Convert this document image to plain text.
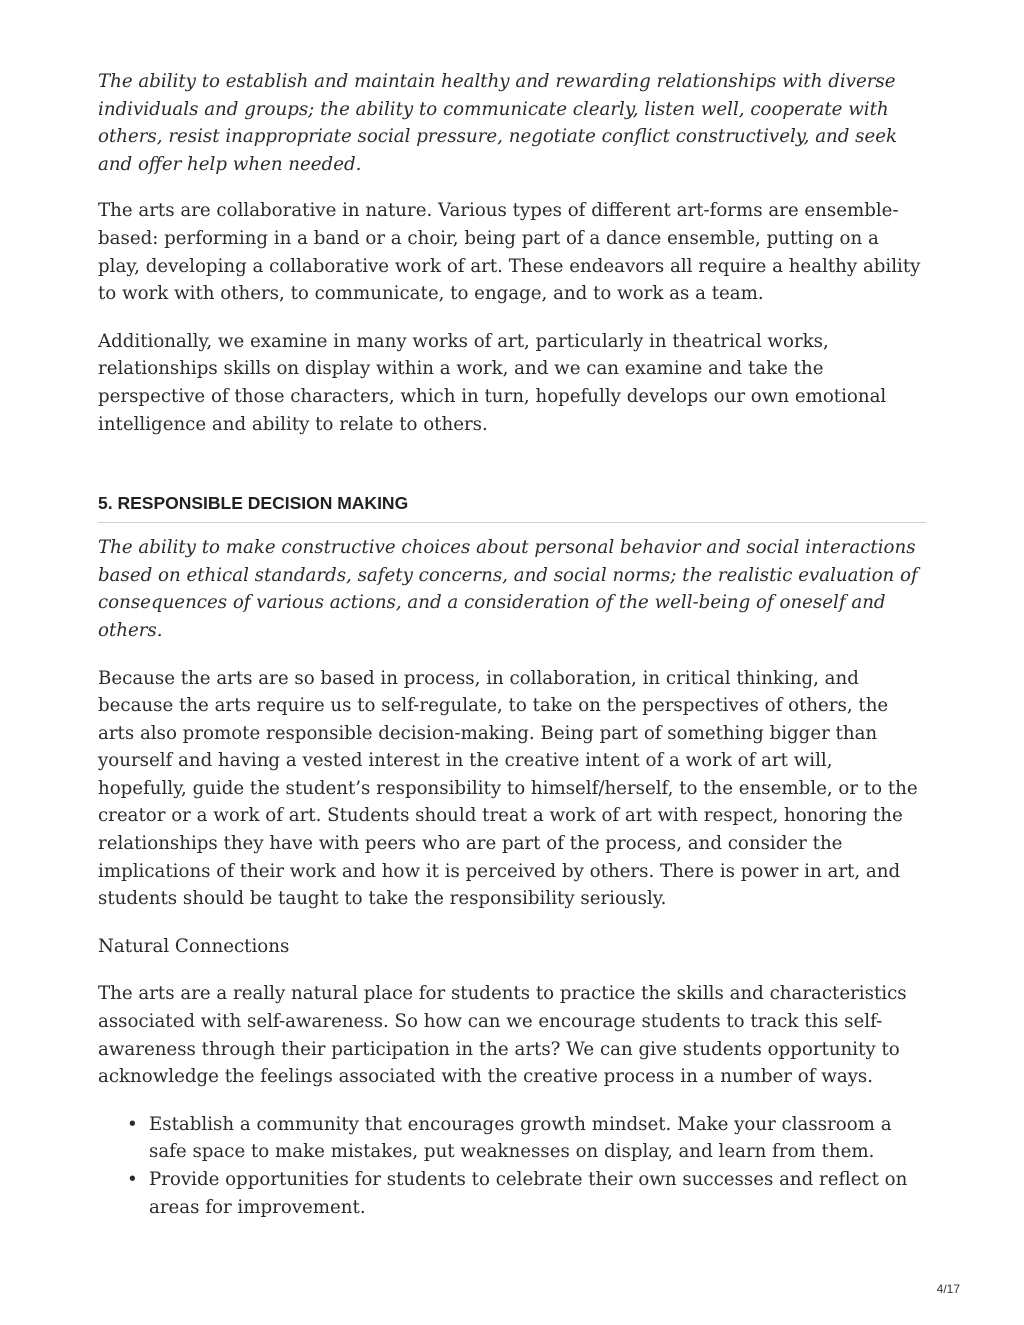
The ability to establish and maintain healthy and rewarding relationships with diverse individuals and groups; the ability to communicate clearly, listen well, cooperate with others, resist inappropriate social pressure, negotiate conflict constructively, and seek and offer help when needed.

The arts are collaborative in nature. Various types of different art-forms are ensemble- based: performing in a band or a choir, being part of a dance ensemble, putting on a play, developing a collaborative work of art. These endeavors all require a healthy ability to work with others, to communicate, to engage, and to work as a team.

Additionally, we examine in many works of art, particularly in theatrical works, relationships skills on display within a work, and we can examine and take the perspective of those characters, which in turn, hopefully develops our own emotional intelligence and ability to relate to others.

5. RESPONSIBLE DECISION MAKING

The ability to make constructive choices about personal behavior and social interactions based on ethical standards, safety concerns, and social norms; the realistic evaluation of consequences of various actions, and a consideration of the well-being of oneself and others.

Because the arts are so based in process, in collaboration, in critical thinking, and because the arts require us to self-regulate, to take on the perspectives of others, the arts also promote responsible decision-making. Being part of something bigger than yourself and having a vested interest in the creative intent of a work of art will, hopefully, guide the student’s responsibility to himself/herself, to the ensemble, or to the creator or a work of art. Students should treat a work of art with respect, honoring the relationships they have with peers who are part of the process, and consider the implications of their work and how it is perceived by others. There is power in art, and students should be taught to take the responsibility seriously.

Natural Connections

The arts are a really natural place for students to practice the skills and characteristics associated with self-awareness. So how can we encourage students to track this self-awareness through their participation in the arts? We can give students opportunity to acknowledge the feelings associated with the creative process in a number of ways.

• Establish a community that encourages growth mindset. Make your classroom a safe space to make mistakes, put weaknesses on display, and learn from them.
• Provide opportunities for students to celebrate their own successes and reflect on areas for improvement.
4/17
